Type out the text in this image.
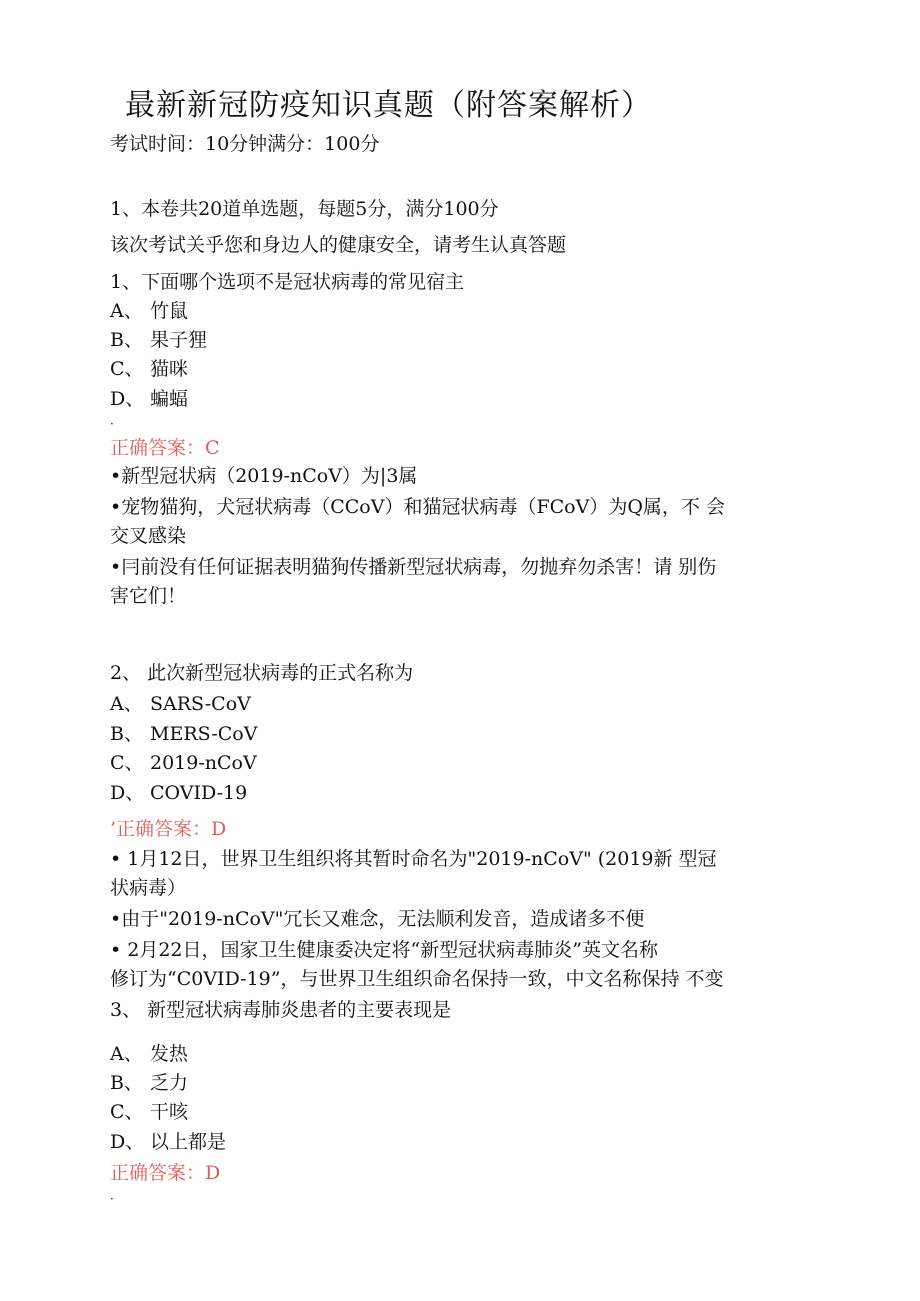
最新新冠防疫知识真题（附答案解析）
考试时间：10分钟满分：100分
1、本卷共20道单选题，每题5分，满分100分
该次考试关乎您和身边人的健康安全，请考生认真答题
1、下面哪个选项不是冠状病毒的常见宿主
A、 竹鼠
B、 果子狸
C、 猫咪
D、 蝙蝠
·
正确答案：C
•新型冠状病（2019-nCoV）为|3属
•宠物猫狗，犬冠状病毒（CCoV）和猫冠状病毒（FCoV）为Q属，不 会
交叉感染
•冃前没有任何证据表明猫狗传播新型冠状病毒，勿抛弃勿杀害！请 别伤
害它们！
2、 此次新型冠状病毒的正式名称为
A、 SARS-CoV
B、 MERS-CoV
C、 2019-nCoV
D、 COVID-19
’正确答案：D
• 1月12日，世界卫生组织将其暂时命名为"2019-nCoV" (2019新 型冠
状病毒）
•由于"2019-nCoV"冗长又难念，无法顺利发音，造成诸多不便
• 2月22日，国家卫生健康委决定将“新型冠状病毒肺炎”英文名称
修订为“C0VID-19”，与世界卫生组织命名保持一致，中文名称保持 不变
3、 新型冠状病毒肺炎患者的主要表现是
A、 发热
B、 乏力
C、 干咳
D、 以上都是
正确答案：D
·
